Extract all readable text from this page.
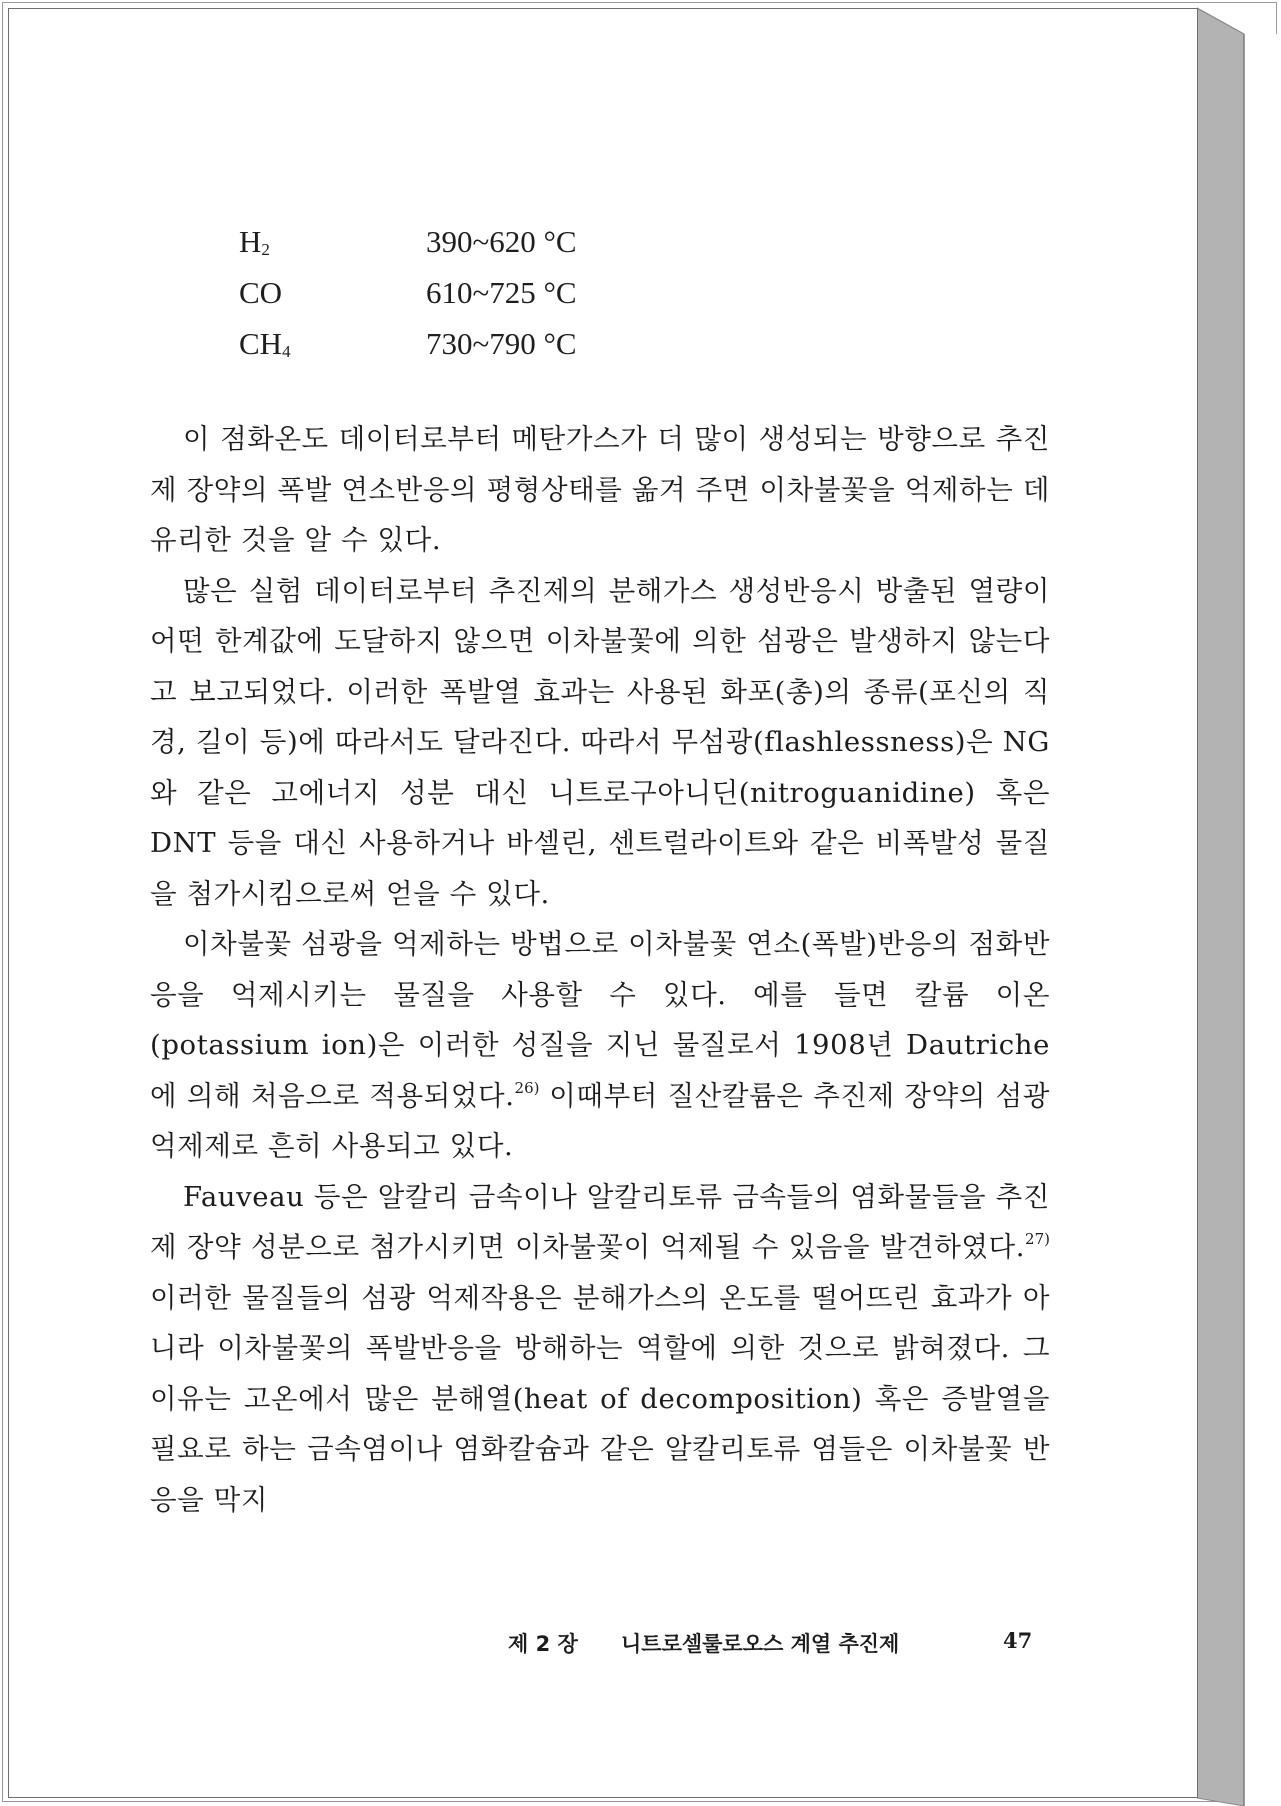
$H_2$	390~620 °C
CO	610~725 °C
$CH_4$	730~790 °C

이 점화온도 데이터로부터 메탄가스가 더 많이 생성되는 방향으로 추진제 장약의 폭발 연소반응의 평형상태를 옮겨 주면 이차불꽃을 억제하는 데 유리한 것을 알 수 있다.

많은 실험 데이터로부터 추진제의 분해가스 생성반응시 방출된 열량이 어떤 한계값에 도달하지 않으면 이차불꽃에 의한 섬광은 발생하지 않는다고 보고되었다. 이러한 폭발열 효과는 사용된 화포(총)의 종류(포신의 직경, 길이 등)에 따라서도 달라진다. 따라서 무섬광(flashlessness)은 NG와 같은 고에너지 성분 대신 니트로구아니딘(nitroguanidine) 혹은 DNT 등을 대신 사용하거나 바셀린, 센트럴라이트와 같은 비폭발성 물질을 첨가시킴으로써 얻을 수 있다.

이차불꽃 섬광을 억제하는 방법으로 이차불꽃 연소(폭발)반응의 점화반응을 억제시키는 물질을 사용할 수 있다. 예를 들면 칼륨 이온(potassium ion)은 이러한 성질을 지닌 물질로서 1908년 Dautriche에 의해 처음으로 적용되었다.$^{26)}$ 이때부터 질산칼륨은 추진제 장약의 섬광 억제제로 흔히 사용되고 있다.

Fauveau 등은 알칼리 금속이나 알칼리토류 금속들의 염화물들을 추진제 장약 성분으로 첨가시키면 이차불꽃이 억제될 수 있음을 발견하였다.$^{27)}$ 이러한 물질들의 섬광 억제작용은 분해가스의 온도를 떨어뜨린 효과가 아니라 이차불꽃의 폭발반응을 방해하는 역할에 의한 것으로 밝혀졌다. 그 이유는 고온에서 많은 분해열(heat of decomposition) 혹은 증발열을 필요로 하는 금속염이나 염화칼슘과 같은 알칼리토류 염들은 이차불꽃 반응을 막지

제 2 장 니트로셀룰로오스 계열 추진제	47
